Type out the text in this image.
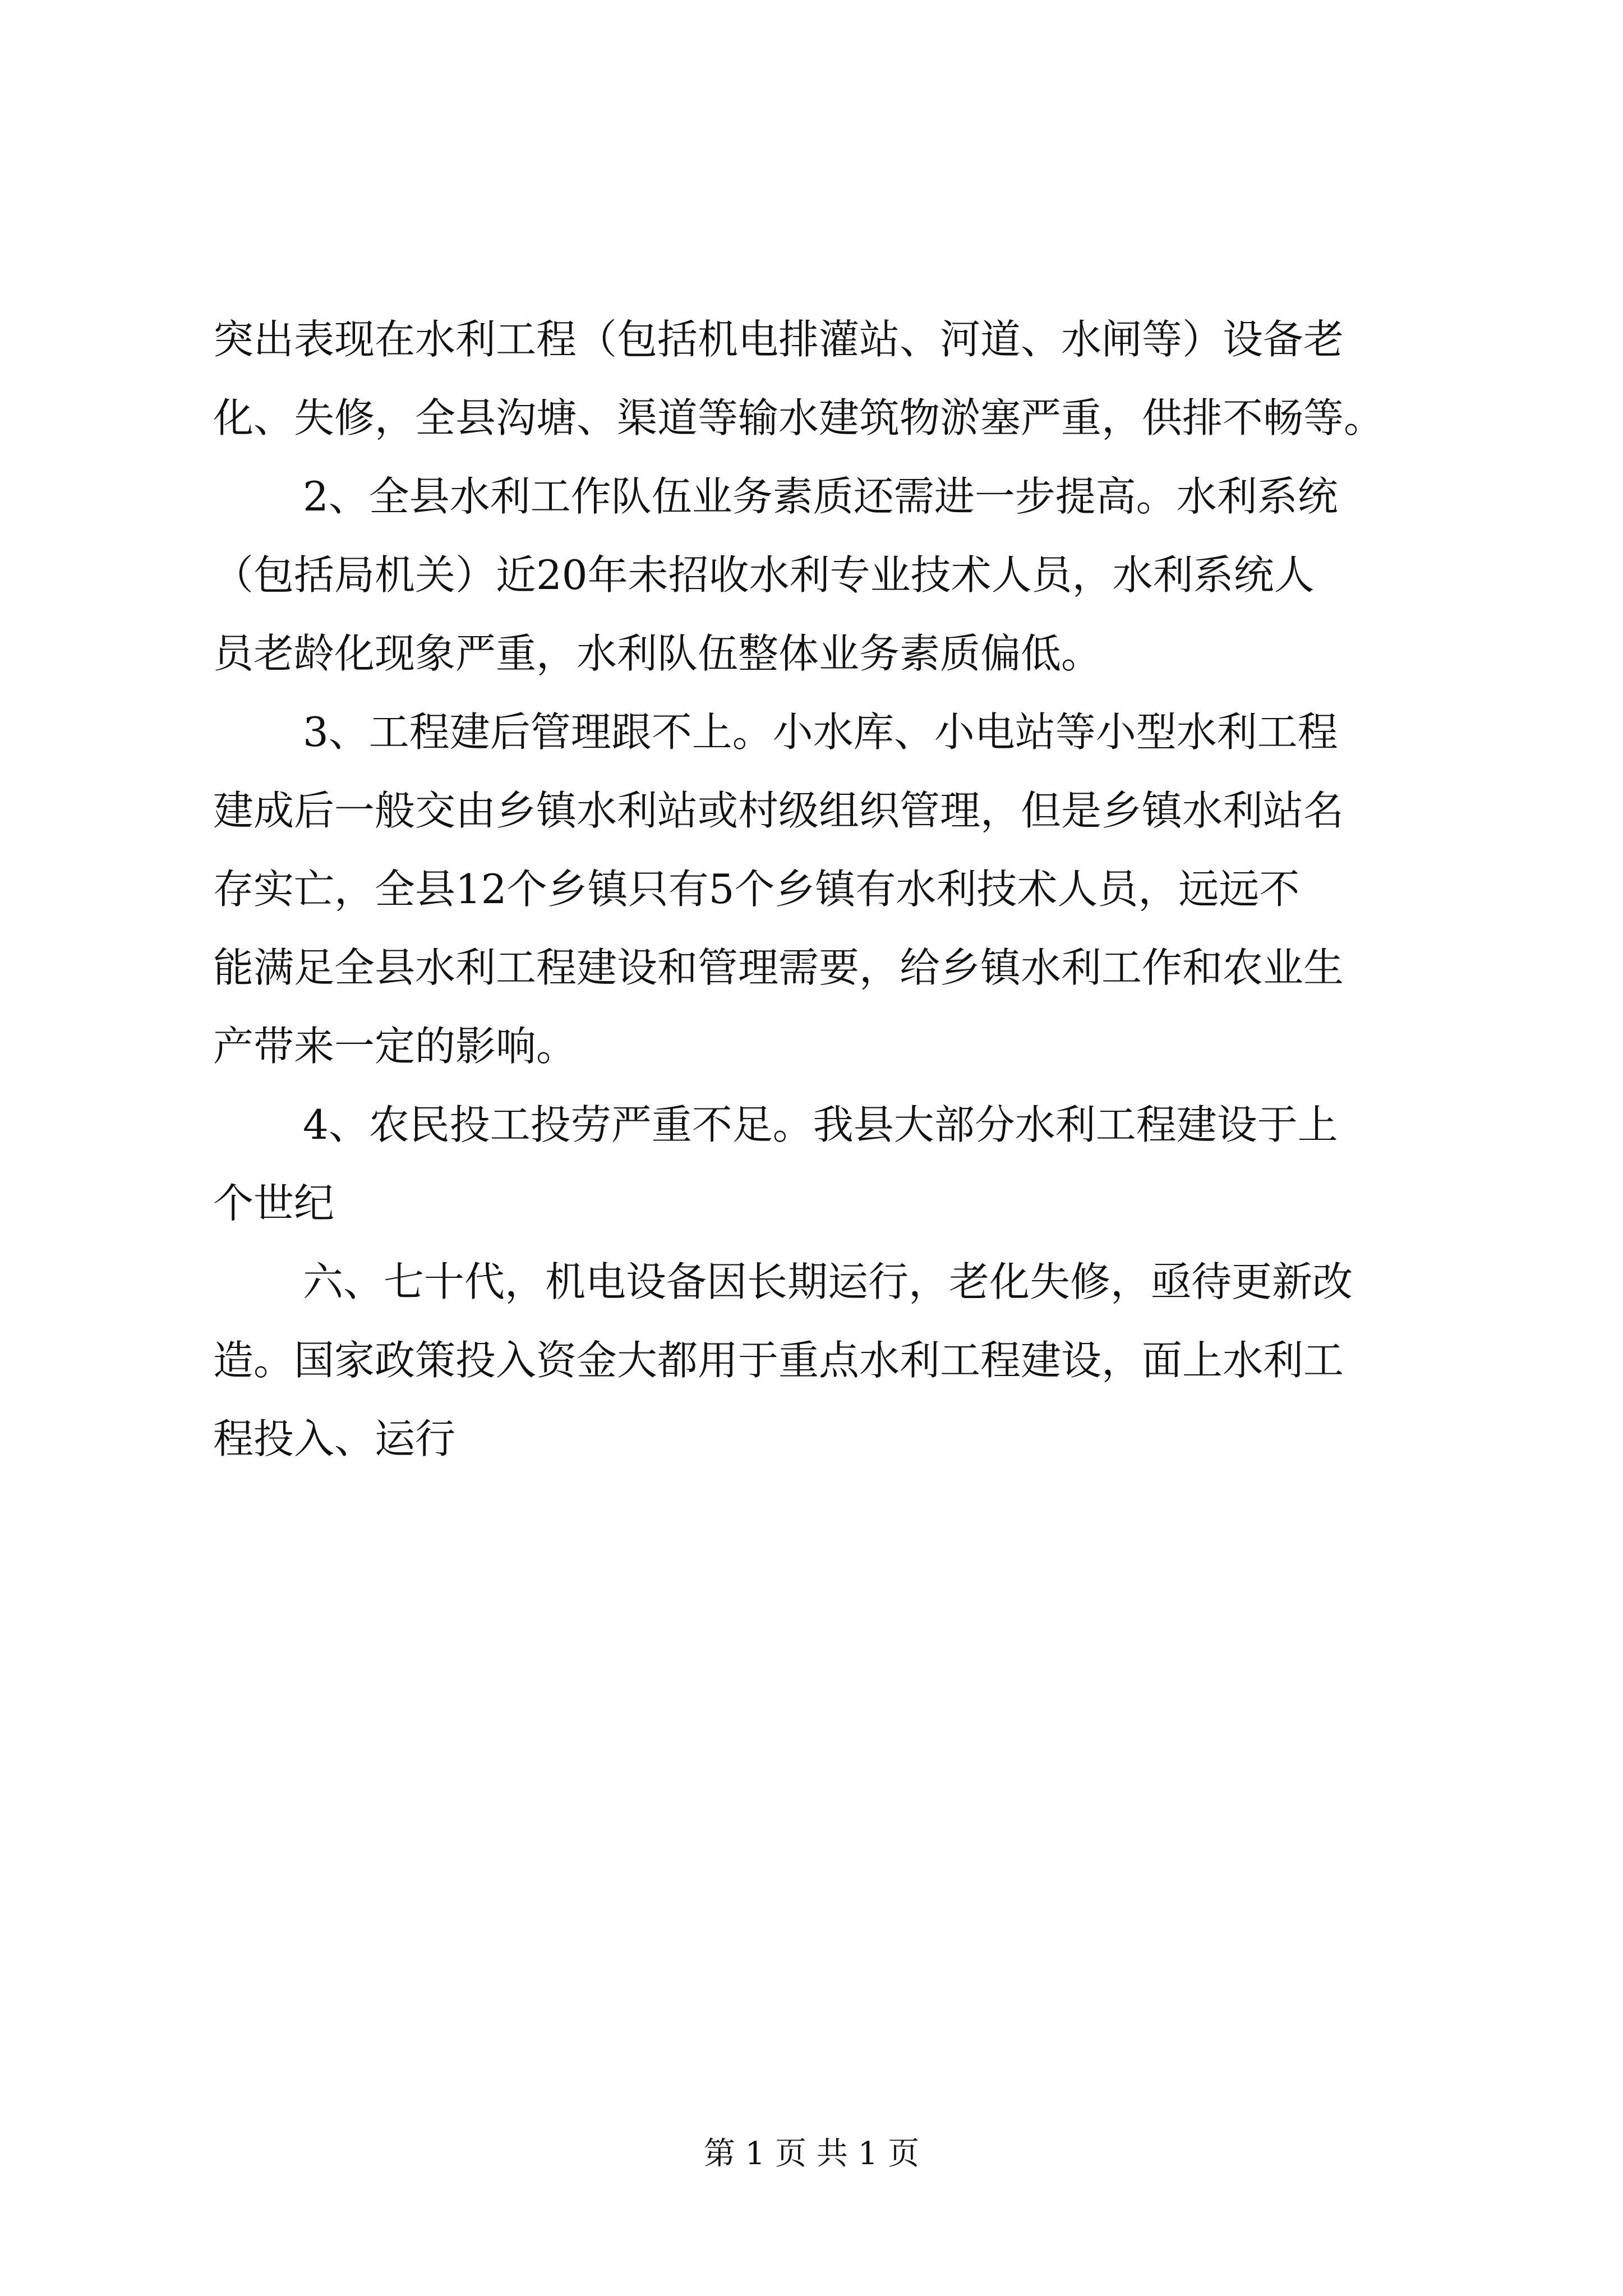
突出表现在水利工程（包括机电排灌站、河道、水闸等）设备老
化、失修，全县沟塘、渠道等输水建筑物淤塞严重，供排不畅等。
2、全县水利工作队伍业务素质还需进一步提高。水利系统
（包括局机关）近20年未招收水利专业技术人员，水利系统人
员老龄化现象严重，水利队伍整体业务素质偏低。
3、工程建后管理跟不上。小水库、小电站等小型水利工程
建成后一般交由乡镇水利站或村级组织管理，但是乡镇水利站名
存实亡，全县12个乡镇只有5个乡镇有水利技术人员，远远不
能满足全县水利工程建设和管理需要，给乡镇水利工作和农业生
产带来一定的影响。
4、农民投工投劳严重不足。我县大部分水利工程建设于上
个世纪
六、七十代，机电设备因长期运行，老化失修，亟待更新改
造。国家政策投入资金大都用于重点水利工程建设，面上水利工
程投入、运行
第 1 页 共 1 页
